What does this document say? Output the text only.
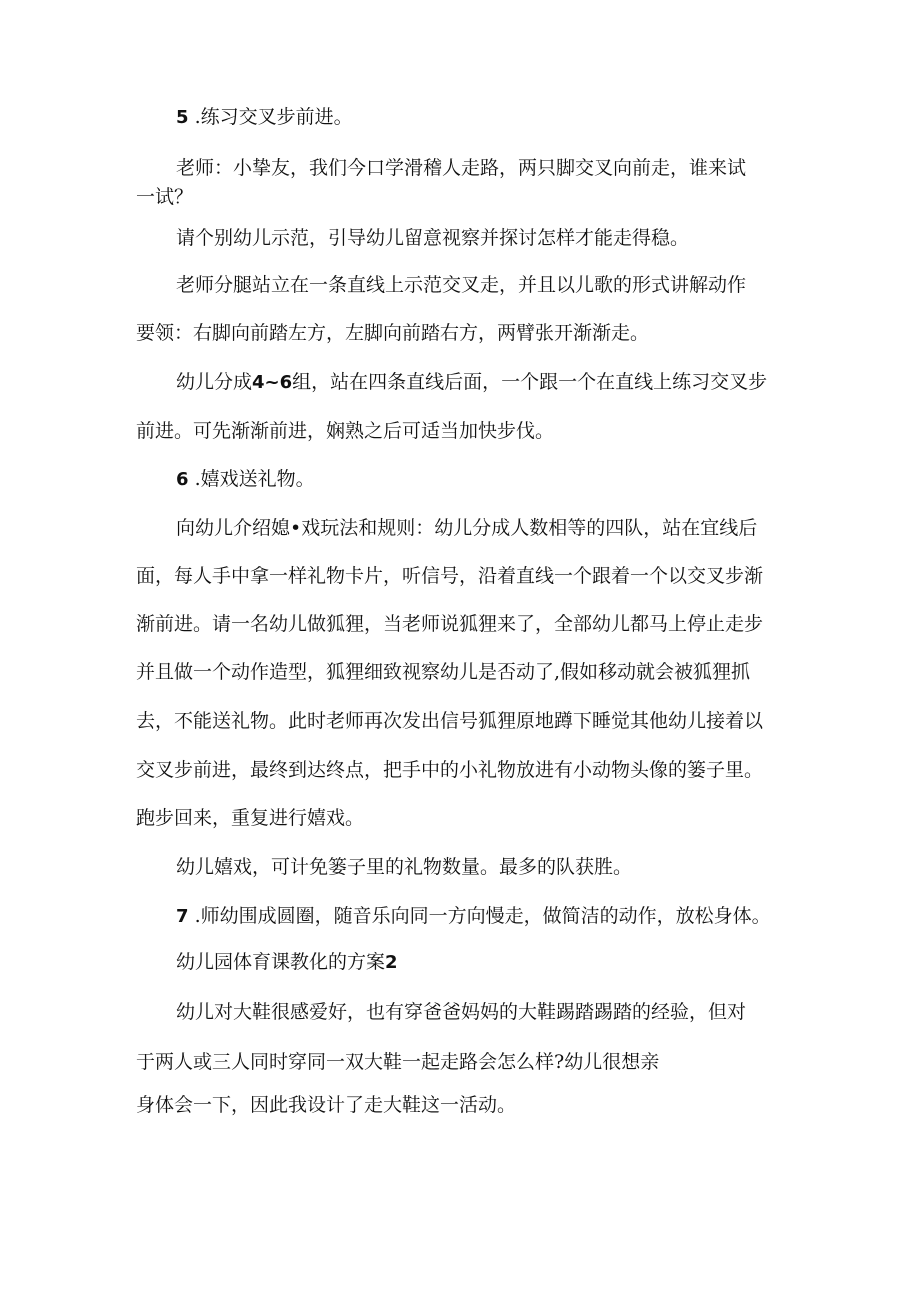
5 .练习交叉步前进。
老师：小挚友，我们今口学滑稽人走路，两只脚交叉向前走，谁来试
一试？
请个别幼儿示范，引导幼儿留意视察并探讨怎样才能走得稳。
老师分腿站立在一条直线上示范交叉走，并且以儿歌的形式讲解动作
要领：右脚向前踏左方，左脚向前踏右方，两臂张开渐渐走。
幼儿分成4~6组，站在四条直线后面，一个跟一个在直线上练习交叉步
前进。可先渐渐前进，娴熟之后可适当加快步伐。
6 .嬉戏送礼物。
向幼儿介绍媳•戏玩法和规则：幼儿分成人数相等的四队，站在宜线后
面，每人手中拿一样礼物卡片，听信号，沿着直线一个跟着一个以交叉步渐
渐前进。请一名幼儿做狐狸，当老师说狐狸来了，全部幼儿都马上停止走步
并且做一个动作造型，狐狸细致视察幼儿是否动了,假如移动就会被狐狸抓
去，不能送礼物。此时老师再次发出信号狐狸原地蹲下睡觉其他幼儿接着以
交叉步前进，最终到达终点，把手中的小礼物放进有小动物头像的篓子里。
跑步回来，重复进行嬉戏。
幼儿嬉戏，可计免篓子里的礼物数量。最多的队获胜。
7 .师幼围成圆圈，随音乐向同一方向慢走，做简洁的动作，放松身体。
幼儿园体育课教化的方案2
幼儿对大鞋很感爱好，也有穿爸爸妈妈的大鞋踢踏踢踏的经验，但对
于两人或三人同时穿同一双大鞋一起走路会怎么样?幼儿很想亲
身体会一下，因此我设计了走大鞋这一活动。
